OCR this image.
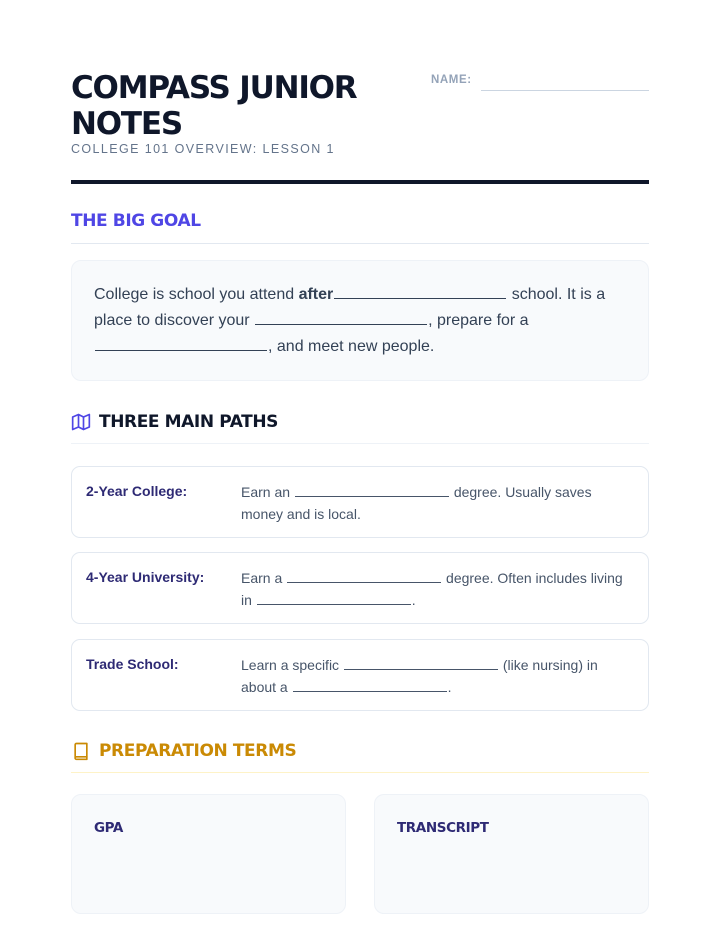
COMPASS JUNIOR NOTES
COLLEGE 101 OVERVIEW: LESSON 1
NAME:
THE BIG GOAL
College is school you attend after	school. It is a place to discover your	, prepare for a
, and meet new people.
THREE MAIN PATHS
2-Year College:	Earn an	degree. Usually saves money and is local.
4-Year University:	Earn a	degree. Often includes living in	.
Trade School:	Learn a specific	(like nursing) in about a	.
PREPARATION TERMS
GPA	TRANSCRIPT
